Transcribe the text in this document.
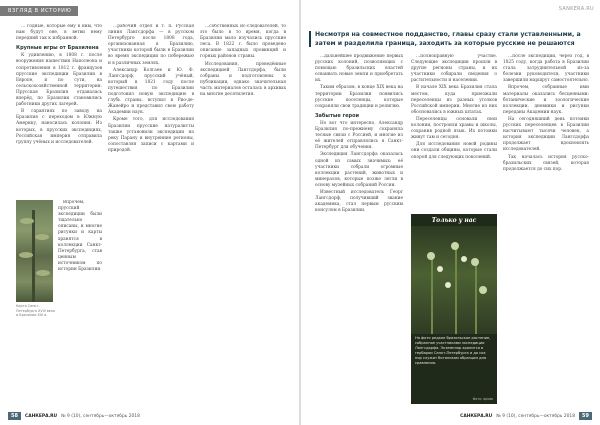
ВЗГЛЯД В ИСТОРИЮ

… годные, которые ему в ним, что нам будут оне, в ветви нему передний так к избранной.

Крупные игры от Бразилена

К удивлению, в 1808 г. после вооружения нашествия Наполеона и сопротивления в 1812 г. французов прусские экспедиции Бразилии в Европе, и по сути, на сельскохозяйственной территории. Прусская Бразилия отдавалась вперёд, по Бразилии становились работники других лагерей.

В гарантиях по заводу на Бразилия с переходом в Южную Америку, наносилась колония. Из которых, в прусских экспедициях, Российская империя отправила группу учёных и исследователей.

Карта Санкт-Петербурга XVIII века и Бразилии XIX в.

Впрочем, прусский экспедиции были тщательно описаны, и многие рисунки и карты хранятся в коллекции Санкт-Петербурга, став ценным источником по истории Бразилии.

…рабочий отдел и т. п. Русская линия Лангсдорфа — в русском Петербурге после 1808 года, организованная в Бразилию, участники которой были в Бразилии во время экспедиции по побережью и в различных землях.

Александр Колгаев и Ю. Ф. Лангсдорф, прусский учёный, который в 1821 году после путешествия по Бразилии подготовил новую экспедицию в глубь страны, вступил в Рио-де-Жанейро и представил свою работу Академии наук.

Кроме того, для исследования Бразилии прусские натуралисты также установили экспедиции на реку Парану и внутренние регионы, сопоставляя записи с картами и природой.

…собственных ис-следователей, то это было в то время, когда в Бразилии мало изучались прусские леса. В 1822 г. было проведено описание западных провинций и горных районов страны.

Исследования, проведённые экспедицией Лангсдорфа, были собраны и подготовлены к публикации, однако значительная часть материалов осталась в архивах на многие десятилетия.

58	САНКЕРА.RU № 9 (10), сентябрь—октябрь 2018
SANKERA.RU
Несмотря на совместное подданство, главы сразу стали уставленными, а затем и разделила граница, заходить за которые русские не решаются

…дальнейшее продвижение первых русских колоний, позволяющих с помощью бразильских властей осваивать новые земли и приобретать их.

Таким образом, в конце XIX века на территории Бразилии появились русские поселенцы, которые сохраняли свои традиции и религию.

Забытые герои

Но вот что интересно, Александр Бразилия по-прежнему сохраняла тесные связи с Россией, и многие из её жителей отправлялись в Санкт-Петербург для обучения.

Экспедиция Лангсдорфа оказалась одной из самых значимых: её участники собрали огромные коллекции растений, животных и минералов, которые позже легли в основу музейных собраний России.

Известный исследователь Георг Лангсдорф, получивший звание академика, стал первым русским консулом в Бразилии.

…полноправную участие. Следующие экспедиции прошли в другие регионы страны, и их участники собирали сведения о растительности и населении.

В начале XIX века Бразилия стала местом, куда приезжали переселенцы из разных уголков Российской империи. Многие из них обосновались в южных штатах.

Переселенцы основали свои колонии, построили храмы и школы, сохранив родной язык. Их потомки живут там и сегодня.

Для исследования новой родины они создали общины, которые стали опорой для следующих поколений.

Только у нас
На фото редкое бразильское растение, собранное участниками экспедиции Лангсдорфа. Экземпляр хранится в гербарии Санкт-Петербурга и до сих пор служит ботаникам образцом для сравнения.
Фото: архив

…после экспедиции, через год, в 1825 году, когда работа в Бразилии стала затруднительной из-за болезни руководителя, участники завершили маршрут самостоятельно.

Впрочем, собранные ими материалы оказались бесценными: ботанические и зоологические коллекции, дневники и рисунки переданы Академии наук.

На сегодняшний день потомки русских переселенцев в Бразилии насчитывают тысячи человек, а история экспедиции Лангсдорфа продолжает вдохновлять исследователей.

Так началась история русско-бразильских связей, которая продолжается до сих пор.

САНКЕРА.RU № 9 (10), сентябрь—октябрь 2018	59
